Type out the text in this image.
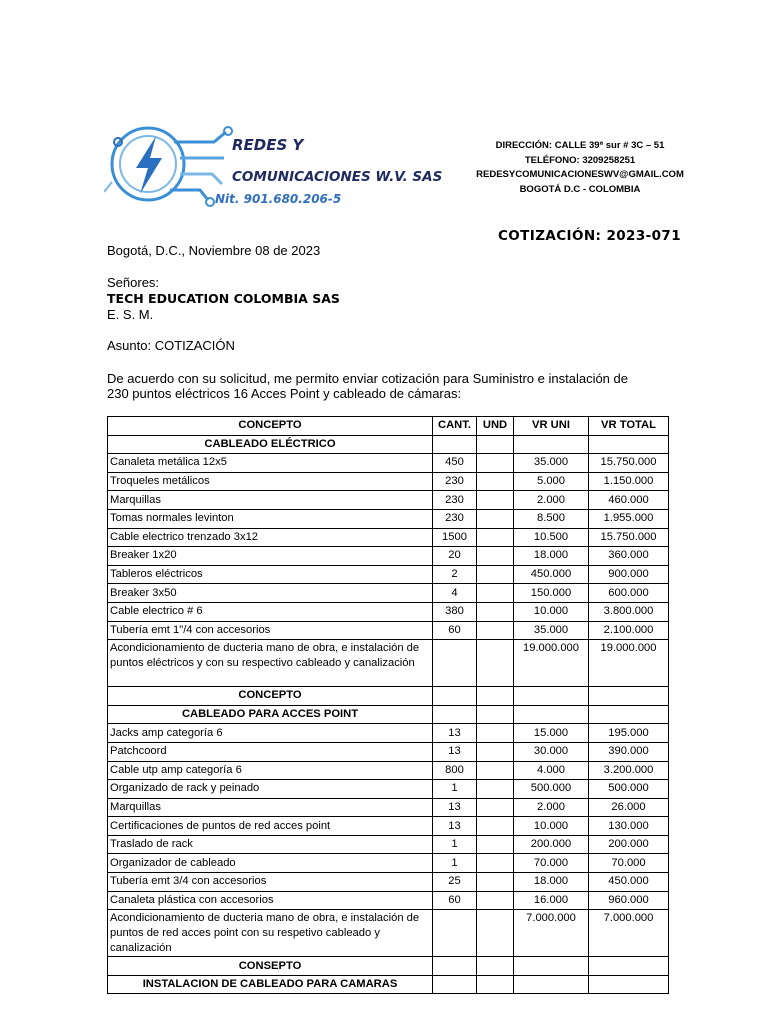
REDES Y
COMUNICACIONES W.V. SAS
Nit. 901.680.206-5
DIRECCIÓN: CALLE 39ª sur # 3C – 51
TELÉFONO: 3209258251
REDESYCOMUNICACIONESWV@GMAIL.COM
BOGOTÁ D.C - COLOMBIA
COTIZACIÓN: 2023-071
Bogotá, D.C., Noviembre 08 de 2023
Señores:
TECH EDUCATION COLOMBIA SAS
E. S. M.
Asunto: COTIZACIÓN
De acuerdo con su solicitud, me permito enviar cotización para Suministro e instalación de
230 puntos eléctricos 16 Acces Point y cableado de cámaras:
CONCEPTO	CANT.	UND	VR UNI	VR TOTAL
CABLEADO ELÉCTRICO				
Canaleta metálica 12x5	450		35.000	15.750.000
Troqueles metálicos	230		5.000	1.150.000
Marquillas	230		2.000	460.000
Tomas normales levinton	230		8.500	1.955.000
Cable electrico trenzado 3x12	1500		10.500	15.750.000
Breaker 1x20	20		18.000	360.000
Tableros eléctricos	2		450.000	900.000
Breaker 3x50	4		150.000	600.000
Cable electrico # 6	380		10.000	3.800.000
Tubería emt 1"/4 con accesorios	60		35.000	2.100.000
Acondicionamiento de ducteria mano de obra, e instalación de puntos eléctricos y con su respectivo cableado y canalización			19.000.000	19.000.000
CONCEPTO				
CABLEADO PARA ACCES POINT				
Jacks amp categoría 6	13		15.000	195.000
Patchcoord	13		30.000	390.000
Cable utp amp categoría 6	800		4.000	3.200.000
Organizado de rack y peinado	1		500.000	500.000
Marquillas	13		2.000	26.000
Certificaciones de puntos de red acces point	13		10.000	130.000
Traslado de rack	1		200.000	200.000
Organizador de cableado	1		70.000	70.000
Tubería emt 3/4 con accesorios	25		18.000	450.000
Canaleta plástica con accesorios	60		16.000	960.000
Acondicionamiento de ducteria mano de obra, e instalación de puntos de red acces point con su respetivo cableado y canalización			7.000.000	7.000.000
CONSEPTO				
INSTALACION DE CABLEADO PARA CAMARAS				
